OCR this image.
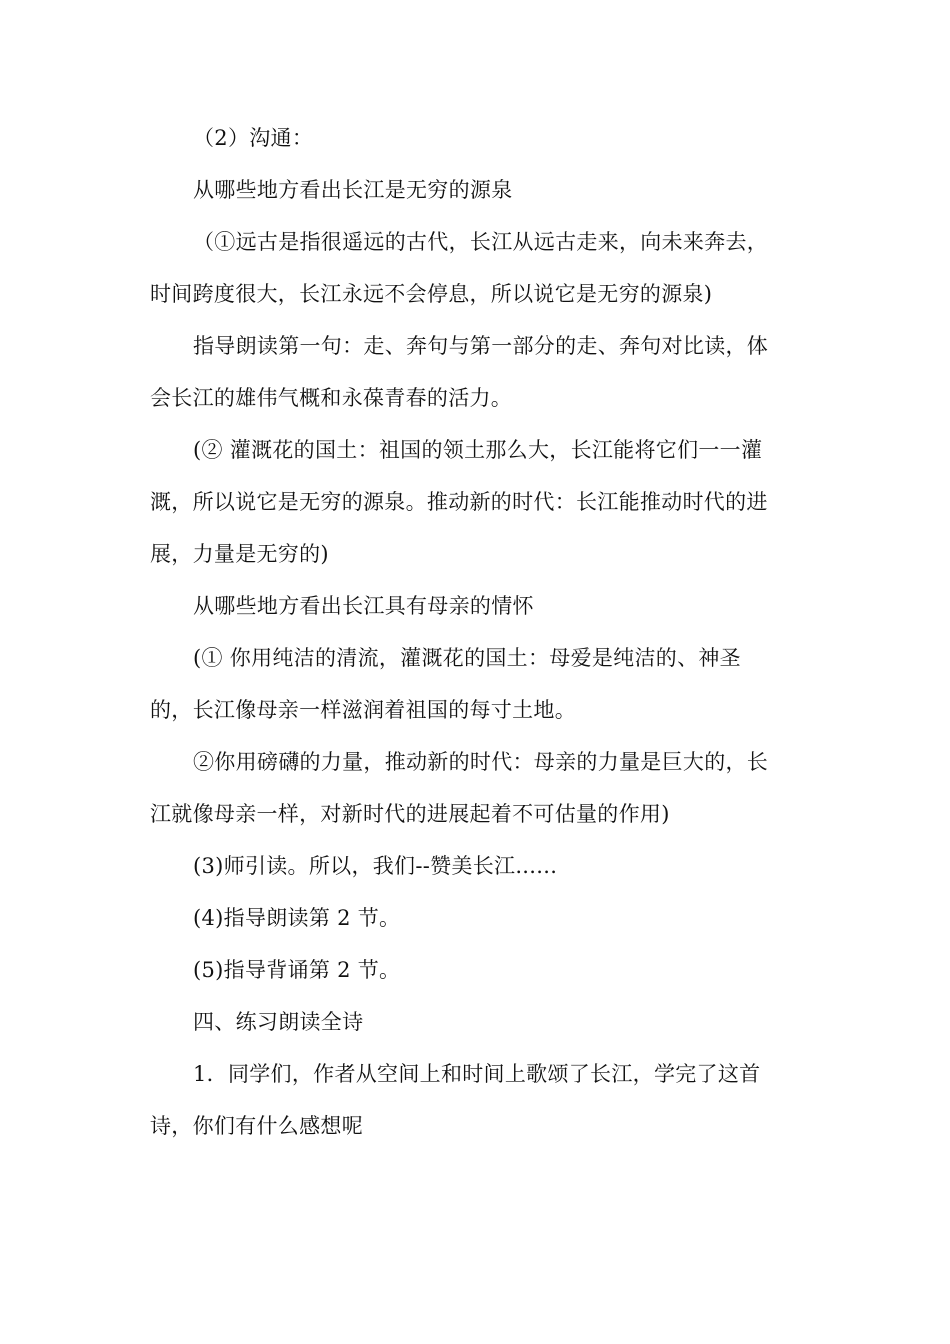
（2）沟通：

从哪些地方看出长江是无穷的源泉

（①远古是指很遥远的古代，长江从远古走来，向未来奔去，

时间跨度很大，长江永远不会停息，所以说它是无穷的源泉)

指导朗读第一句：走、奔句与第一部分的走、奔句对比读，体

会长江的雄伟气概和永葆青春的活力。

(② 灌溉花的国土：祖国的领土那么大，长江能将它们一一灌

溉，所以说它是无穷的源泉。推动新的时代：长江能推动时代的进

展，力量是无穷的)

从哪些地方看出长江具有母亲的情怀

(① 你用纯洁的清流，灌溉花的国土：母爱是纯洁的、神圣

的，长江像母亲一样滋润着祖国的每寸土地。

②你用磅礴的力量，推动新的时代：母亲的力量是巨大的，长

江就像母亲一样，对新时代的进展起着不可估量的作用)

(3)师引读。所以，我们--赞美长江......

(4)指导朗读第 2 节。

(5)指导背诵第 2 节。

四、练习朗读全诗

1．同学们，作者从空间上和时间上歌颂了长江，学完了这首

诗，你们有什么感想呢
